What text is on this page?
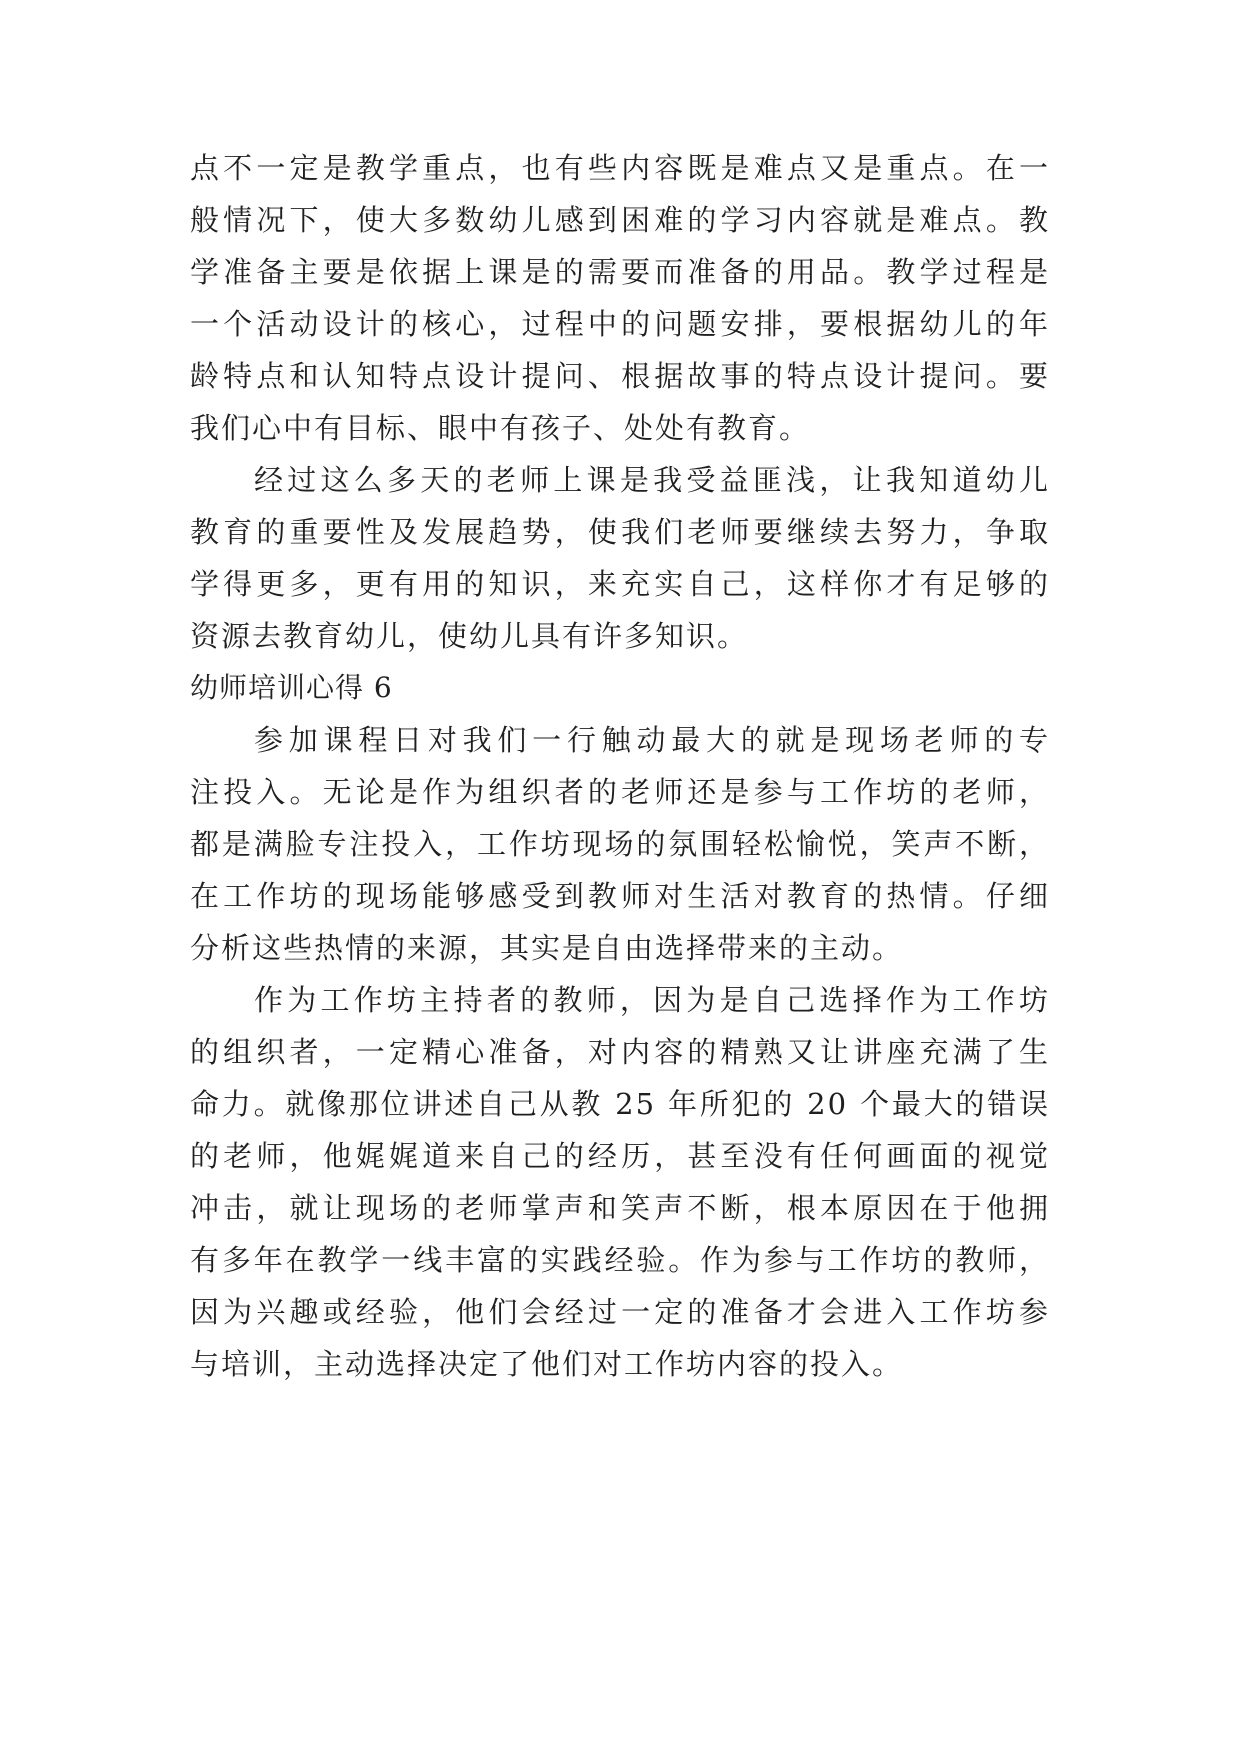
点不一定是教学重点，也有些内容既是难点又是重点。在一
般情况下，使大多数幼儿感到困难的学习内容就是难点。教
学准备主要是依据上课是的需要而准备的用品。教学过程是
一个活动设计的核心，过程中的问题安排，要根据幼儿的年
龄特点和认知特点设计提问、根据故事的特点设计提问。要
我们心中有目标、眼中有孩子、处处有教育。
经过这么多天的老师上课是我受益匪浅，让我知道幼儿
教育的重要性及发展趋势，使我们老师要继续去努力，争取
学得更多，更有用的知识，来充实自己，这样你才有足够的
资源去教育幼儿，使幼儿具有许多知识。
幼师培训心得 6
参加课程日对我们一行触动最大的就是现场老师的专
注投入。无论是作为组织者的老师还是参与工作坊的老师，
都是满脸专注投入，工作坊现场的氛围轻松愉悦，笑声不断，
在工作坊的现场能够感受到教师对生活对教育的热情。仔细
分析这些热情的来源，其实是自由选择带来的主动。
作为工作坊主持者的教师，因为是自己选择作为工作坊
的组织者，一定精心准备，对内容的精熟又让讲座充满了生
命力。就像那位讲述自己从教 25 年所犯的 20 个最大的错误
的老师，他娓娓道来自己的经历，甚至没有任何画面的视觉
冲击，就让现场的老师掌声和笑声不断，根本原因在于他拥
有多年在教学一线丰富的实践经验。作为参与工作坊的教师，
因为兴趣或经验，他们会经过一定的准备才会进入工作坊参
与培训，主动选择决定了他们对工作坊内容的投入。
